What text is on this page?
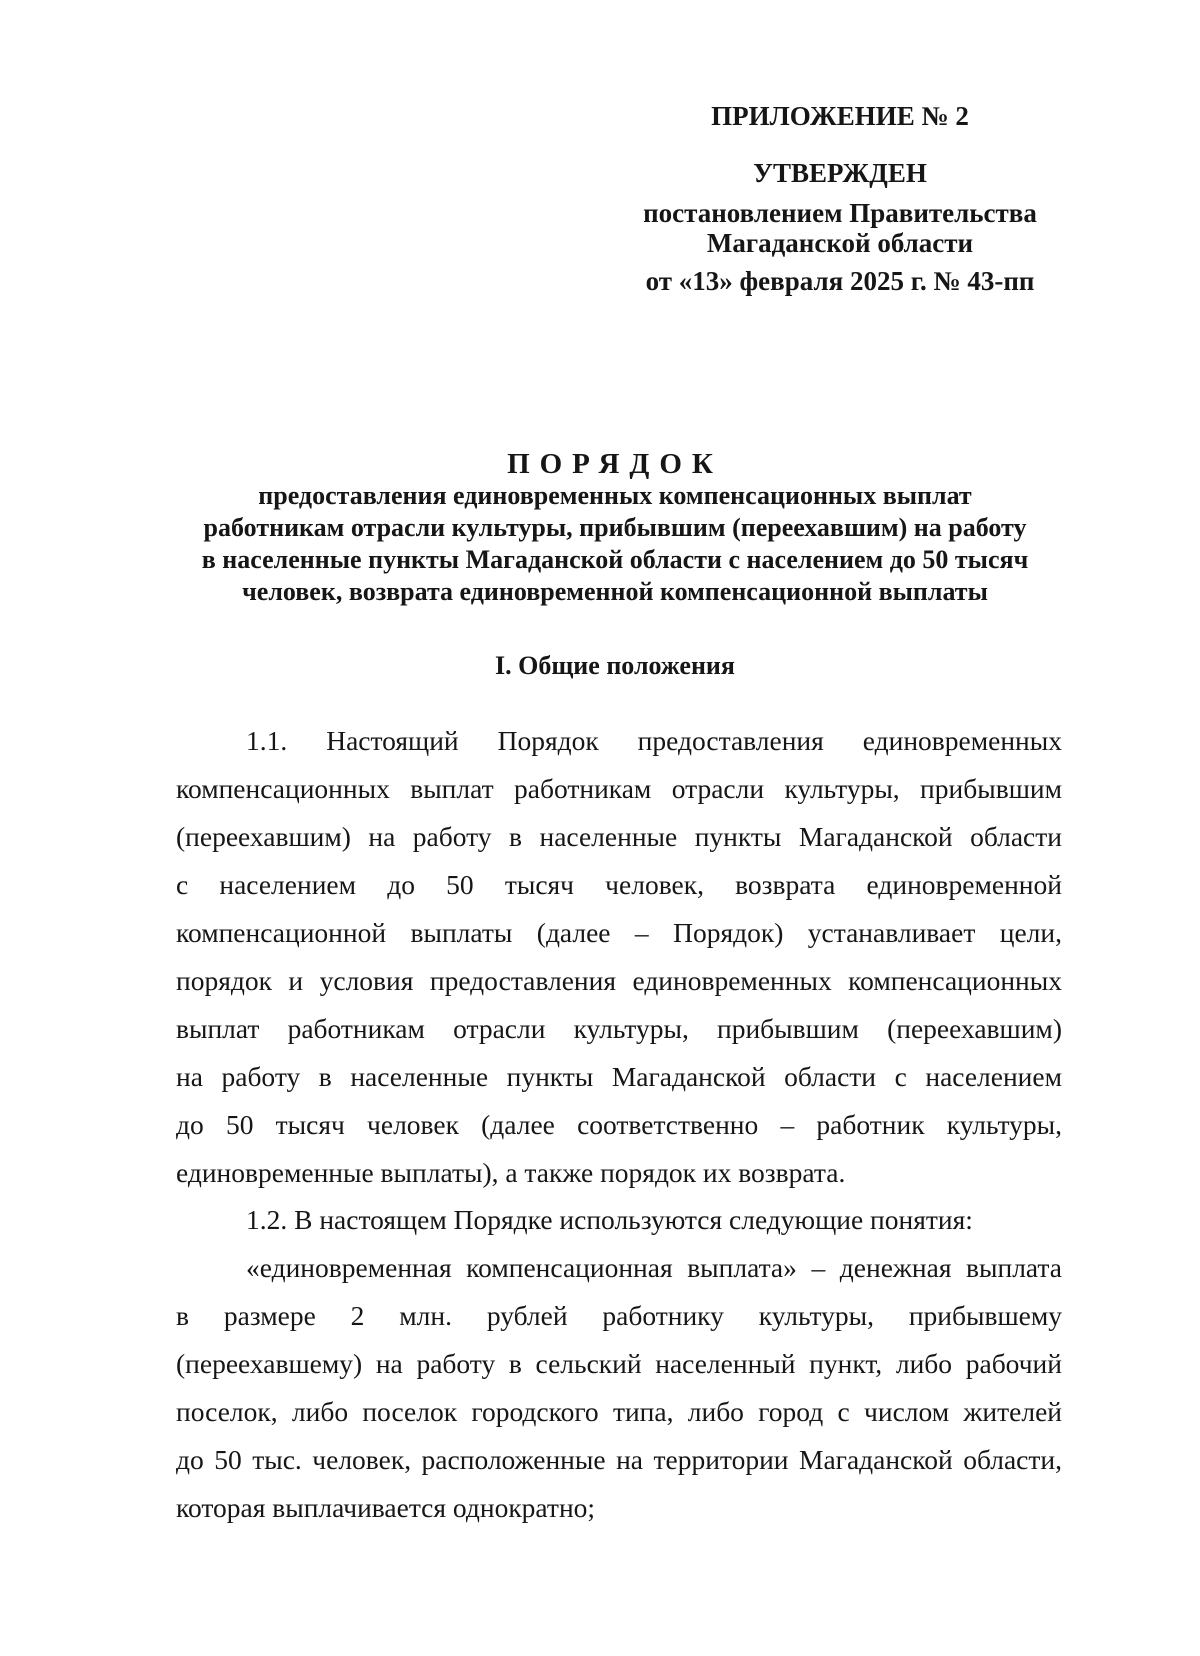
ПРИЛОЖЕНИЕ № 2
УТВЕРЖДЕН
постановлением Правительства
Магаданской области
от «13» февраля 2025 г. № 43-пп
ПОРЯДОК
предоставления единовременных компенсационных выплат
работникам отрасли культуры, прибывшим (переехавшим) на работу
в населенные пункты Магаданской области с населением до 50 тысяч
человек, возврата единовременной компенсационной выплаты
I. Общие положения
1.1. Настоящий Порядок предоставления единовременных
компенсационных выплат работникам отрасли культуры, прибывшим
(переехавшим) на работу в населенные пункты Магаданской области
с населением до 50 тысяч человек, возврата единовременной
компенсационной выплаты (далее – Порядок) устанавливает цели,
порядок и условия предоставления единовременных компенсационных
выплат работникам отрасли культуры, прибывшим (переехавшим)
на работу в населенные пункты Магаданской области с населением
до 50 тысяч человек (далее соответственно – работник культуры,
единовременные выплаты), а также порядок их возврата.
1.2. В настоящем Порядке используются следующие понятия:
«единовременная компенсационная выплата» – денежная выплата
в размере 2 млн. рублей работнику культуры, прибывшему
(переехавшему) на работу в сельский населенный пункт, либо рабочий
поселок, либо поселок городского типа, либо город с числом жителей
до 50 тыс. человек, расположенные на территории Магаданской области,
которая выплачивается однократно;
